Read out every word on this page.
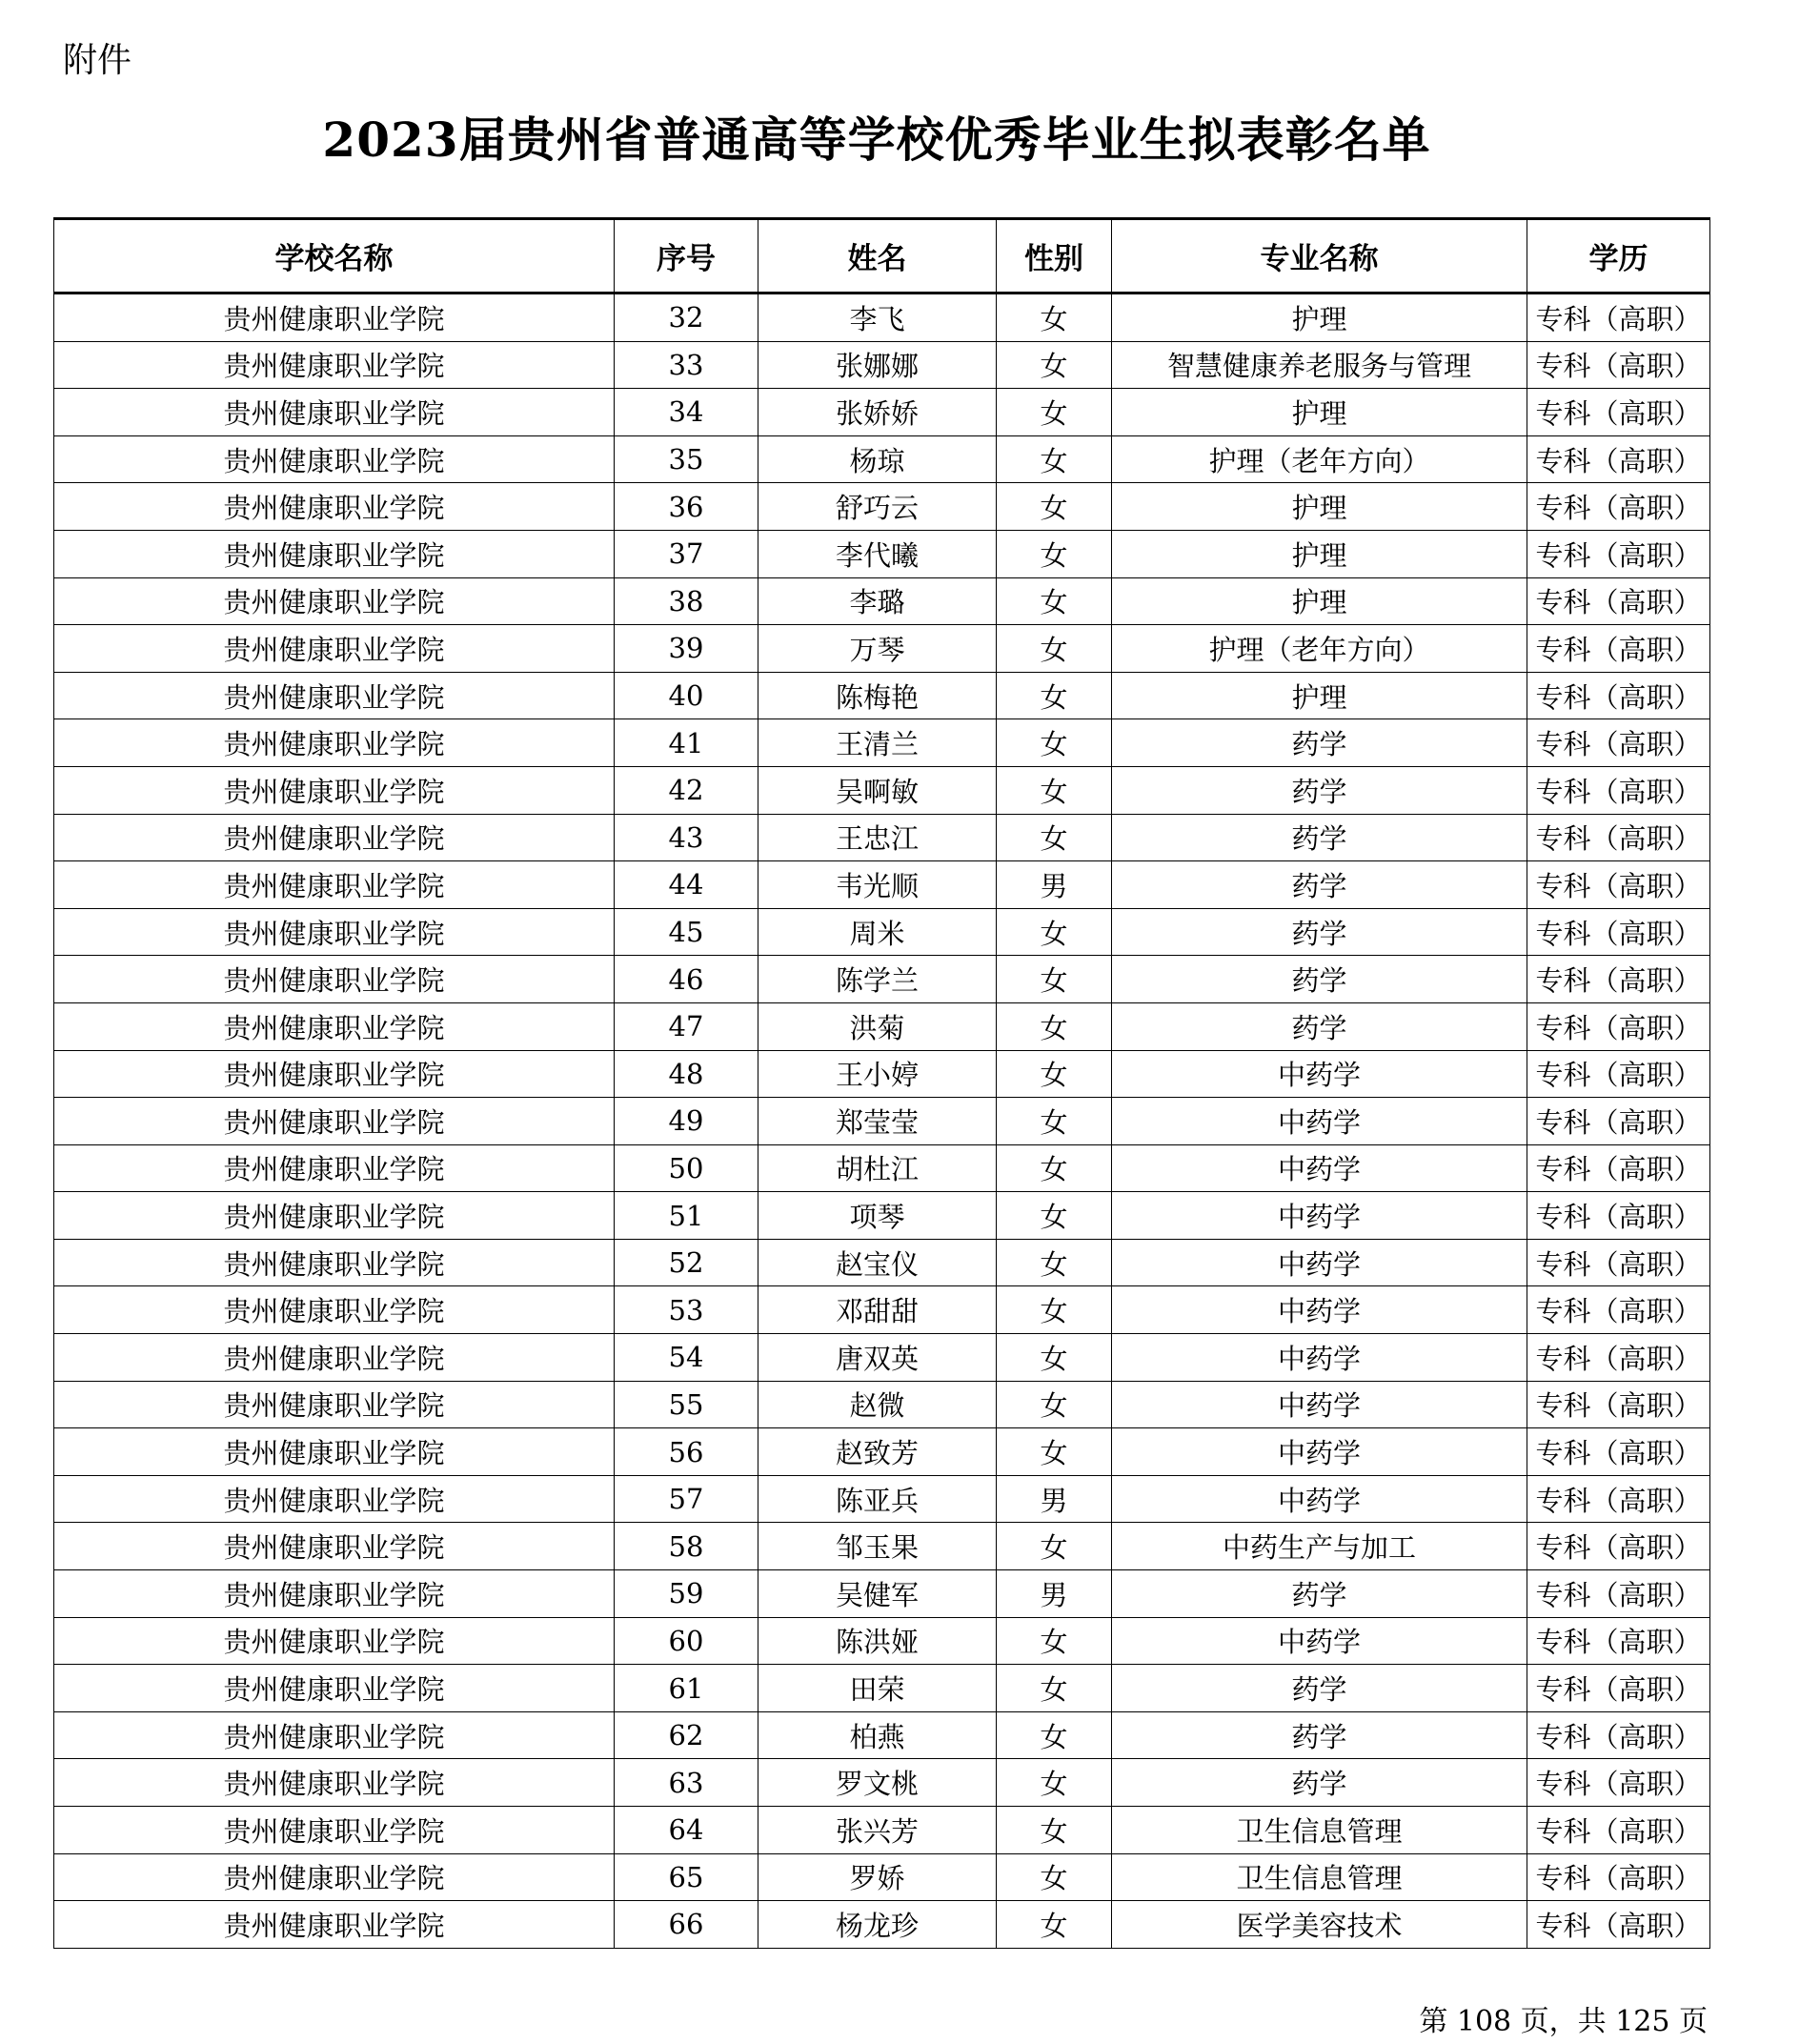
附件
2023届贵州省普通高等学校优秀毕业生拟表彰名单
学校名称	序号	姓名	性别	专业名称	学历
贵州健康职业学院	32	李飞	女	护理	专科（高职）
贵州健康职业学院	33	张娜娜	女	智慧健康养老服务与管理	专科（高职）
贵州健康职业学院	34	张娇娇	女	护理	专科（高职）
贵州健康职业学院	35	杨琼	女	护理（老年方向）	专科（高职）
贵州健康职业学院	36	舒巧云	女	护理	专科（高职）
贵州健康职业学院	37	李代曦	女	护理	专科（高职）
贵州健康职业学院	38	李璐	女	护理	专科（高职）
贵州健康职业学院	39	万琴	女	护理（老年方向）	专科（高职）
贵州健康职业学院	40	陈梅艳	女	护理	专科（高职）
贵州健康职业学院	41	王清兰	女	药学	专科（高职）
贵州健康职业学院	42	吴啊敏	女	药学	专科（高职）
贵州健康职业学院	43	王忠江	女	药学	专科（高职）
贵州健康职业学院	44	韦光顺	男	药学	专科（高职）
贵州健康职业学院	45	周米	女	药学	专科（高职）
贵州健康职业学院	46	陈学兰	女	药学	专科（高职）
贵州健康职业学院	47	洪菊	女	药学	专科（高职）
贵州健康职业学院	48	王小婷	女	中药学	专科（高职）
贵州健康职业学院	49	郑莹莹	女	中药学	专科（高职）
贵州健康职业学院	50	胡杜江	女	中药学	专科（高职）
贵州健康职业学院	51	项琴	女	中药学	专科（高职）
贵州健康职业学院	52	赵宝仪	女	中药学	专科（高职）
贵州健康职业学院	53	邓甜甜	女	中药学	专科（高职）
贵州健康职业学院	54	唐双英	女	中药学	专科（高职）
贵州健康职业学院	55	赵微	女	中药学	专科（高职）
贵州健康职业学院	56	赵致芳	女	中药学	专科（高职）
贵州健康职业学院	57	陈亚兵	男	中药学	专科（高职）
贵州健康职业学院	58	邹玉果	女	中药生产与加工	专科（高职）
贵州健康职业学院	59	吴健军	男	药学	专科（高职）
贵州健康职业学院	60	陈洪娅	女	中药学	专科（高职）
贵州健康职业学院	61	田荣	女	药学	专科（高职）
贵州健康职业学院	62	柏燕	女	药学	专科（高职）
贵州健康职业学院	63	罗文桃	女	药学	专科（高职）
贵州健康职业学院	64	张兴芳	女	卫生信息管理	专科（高职）
贵州健康职业学院	65	罗娇	女	卫生信息管理	专科（高职）
贵州健康职业学院	66	杨龙珍	女	医学美容技术	专科（高职）
第 108 页，共 125 页
